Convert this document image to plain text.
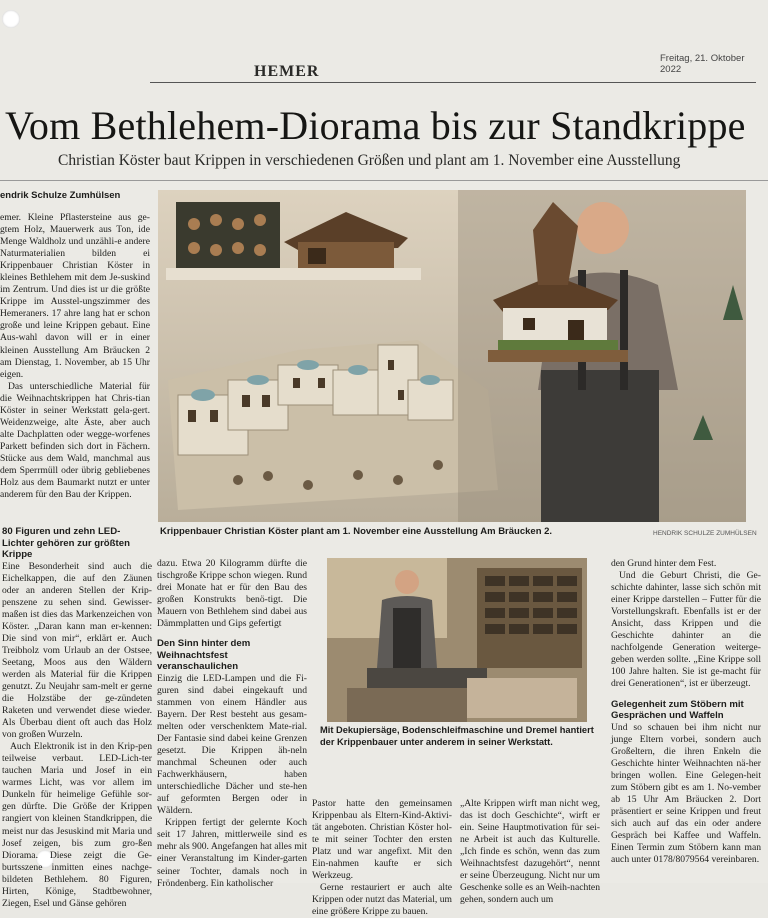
HEMER
Freitag, 21. Oktober 2022
Vom Bethlehem-Diorama bis zur Standkrippe
Christian Köster baut Krippen in verschiedenen Größen und plant am 1. November eine Ausstellung
endrik Schulze Zumhülsen

emer. Kleine Pflastersteine aus ge-gtem Holz, Mauerwerk aus Ton, ide Menge Waldholz und unzähli-e andere Naturmaterialien bilden ei Krippenbauer Christian Köster in kleines Bethlehem mit dem Je-suskind im Zentrum. Und dies ist ur die größte Krippe im Ausstel-ungszimmer des Hemeraners. 17 ahre lang hat er schon große und leine Krippen gebaut. Eine Aus-wahl davon will er in einer kleinen Ausstellung Am Bräucken 2 am Dienstag, 1. November, ab 15 Uhr eigen.

Das unterschiedliche Material für die Weihnachtskrippen hat Chris-tian Köster in seiner Werkstatt gela-gert. Weidenzweige, alte Äste, aber auch alte Dachplatten oder wegge-worfenes Parkett befinden sich dort in Fächern. Stücke aus dem Wald, manchmal aus dem Sperrmüll oder übrig gebliebenes Holz aus dem Baumarkt nutzt er unter anderem für den Bau der Krippen.

Krippenbauer Christian Köster plant am 1. November eine Ausstellung Am Bräucken 2.	HENDRIK SCHULZE ZUMHÜLSEN
80 Figuren und zehn LED-Lichter gehören zur größten Krippe

Eine Besonderheit sind auch die Eichelkappen, die auf den Zäunen oder an anderen Stellen der Krip-penszene zu sehen sind. Gewisser-maßen ist dies das Markenzeichen von Köster. „Daran kann man er-kennen: Die sind von mir“, erklärt er. Auch Treibholz vom Urlaub an der Ostsee, Seetang, Moos aus den Wäldern werden als Material für die Krippen genutzt. Zu Neujahr sam-melt er gerne die Holzstäbe der ge-zündeten Raketen und verwendet diese wieder. Als Überbau dient oft auch das Holz von großen Wurzeln.

Auch Elektronik ist in den Krip-pen teilweise verbaut. LED-Lich-ter tauchen Maria und Josef in ein warmes Licht, was vor allem im Dunkeln für heimelige Gefühle sor-gen dürfte. Die Größe der Krippen rangiert von kleinen Standkrippen, die meist nur das Jesuskind mit Maria und Josef zeigen, bis zum gro-ßen Diorama. Diese zeigt die Ge-burtsszene inmitten eines nachge-bildeten Bethlehem. 80 Figuren, Hirten, Könige, Stadtbewohner, Ziegen, Esel und Gänse gehören

dazu. Etwa 20 Kilogramm dürfte die tischgroße Krippe schon wiegen. Rund drei Monate hat er für den Bau des großen Konstrukts benö-tigt. Die Mauern von Bethlehem sind dabei aus Dämmplatten und Gips gefertigt

Den Sinn hinter dem Weihnachtsfest veranschaulichen

Einzig die LED-Lampen und die Fi-guren sind dabei eingekauft und stammen von einem Händler aus Bayern. Der Rest besteht aus gesam-melten oder verschenktem Mate-rial. Der Fantasie sind dabei keine Grenzen gesetzt. Die Krippen äh-neln manchmal Scheunen oder auch Fachwerkhäusern, haben unterschiedliche Dächer und ste-hen auf geformten Bergen oder in Wäldern.

Krippen fertigt der gelernte Koch seit 17 Jahren, mittlerweile sind es mehr als 900. Angefangen hat alles mit einer Veranstaltung im Kinder-garten seiner Tochter, damals noch in Fröndenberg. Ein katholischer

Mit Dekupiersäge, Bodenschleifmaschine und Dremel hantiert der Krippenbauer unter anderem in seiner Werkstatt.

Pastor hatte den gemeinsamen Krippenbau als Eltern-Kind-Aktivi-tät angeboten. Christian Köster hol-te mit seiner Tochter den ersten Platz und war angefixt. Mit den Ein-nahmen kaufte er sich Werkzeug.

Gerne restauriert er auch alte Krippen oder nutzt das Material, um eine größere Krippe zu bauen.

„Alte Krippen wirft man nicht weg, das ist doch Geschichte“, wirft er ein. Seine Hauptmotivation für sei-ne Arbeit ist auch das Kulturelle. „Ich finde es schön, wenn das zum Weihnachtsfest dazugehört“, nennt er seine Überzeugung. Nicht nur um Geschenke solle es an Weih-nachten gehen, sondern auch um

den Grund hinter dem Fest.

Und die Geburt Christi, die Ge-schichte dahinter, lasse sich schön mit einer Krippe darstellen – Futter für die Vorstellungskraft. Ebenfalls ist er der Ansicht, dass Krippen und die Geschichte dahinter an die nachfolgende Generation weiterge-geben werden sollte. „Eine Krippe soll 100 Jahre halten. Sie ist ge-macht für drei Generationen“, ist er überzeugt.

Gelegenheit zum Stöbern mit Gesprächen und Waffeln

Und so schauen bei ihm nicht nur junge Eltern vorbei, sondern auch Großeltern, die ihren Enkeln die Geschichte hinter Weihnachten nä-her bringen wollen. Eine Gelegen-heit zum Stöbern gibt es am 1. No-vember ab 15 Uhr Am Bräucken 2. Dort präsentiert er seine Krippen und freut sich auch auf das ein oder andere Gespräch bei Kaffee und Waffeln. Einen Termin zum Stöbern kann man auch unter 0178/8079564 vereinbaren.
